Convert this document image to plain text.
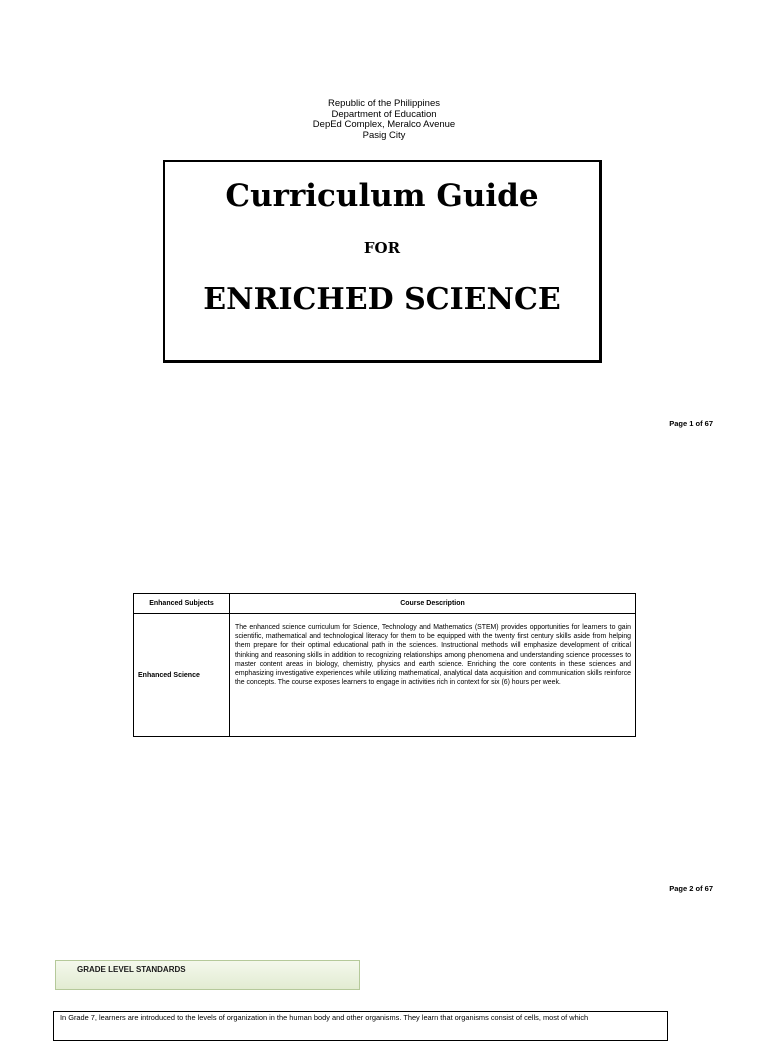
Republic of the Philippines
Department of Education
DepEd Complex, Meralco Avenue
Pasig City
Curriculum Guide
FOR
ENRICHED SCIENCE
Page 1 of 67
Enhanced Subjects	Course Description
Enhanced Science	The enhanced science curriculum for Science, Technology and Mathematics (STEM) provides opportunities for learners to gain scientific, mathematical and technological literacy for them to be equipped with the twenty first century skills aside from helping them prepare for their optimal educational path in the sciences. Instructional methods will emphasize development of critical thinking and reasoning skills in addition to recognizing relationships among phenomena and understanding science processes to master content areas in biology, chemistry, physics and earth science. Enriching the core contents in these sciences and emphasizing investigative experiences while utilizing mathematical, analytical data acquisition and communication skills reinforce the concepts. The course exposes learners to engage in activities rich in context for six (6) hours per week.
Page 2 of 67
GRADE LEVEL STANDARDS
In Grade 7, learners are introduced to the levels of organization in the human body and other organisms. They learn that organisms consist of cells, most of which
